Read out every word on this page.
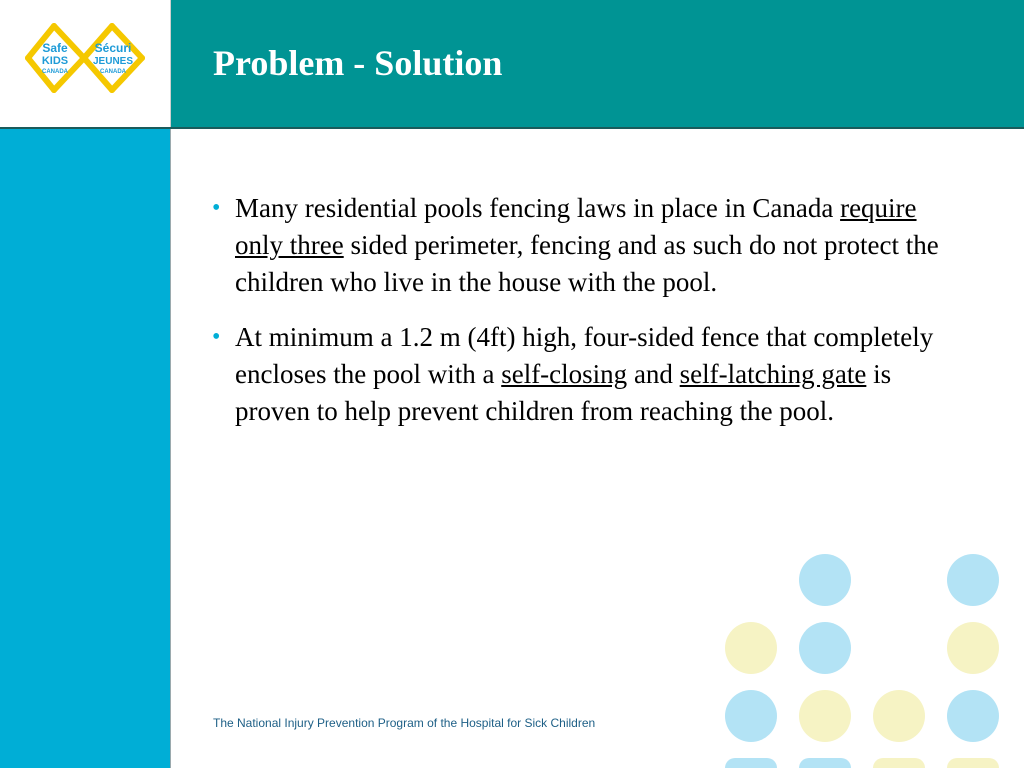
Safe
KIDS
CANADA
Sécuri
JEUNES
CANADA Problem - Solution
• Many residential pools fencing laws in place in Canada require only three sided perimeter, fencing and as such do not protect the children who live in the house with the pool.
• At minimum a 1.2 m (4ft) high, four-sided fence that completely encloses the pool with a self-closing and self-latching gate is proven to help prevent children from reaching the pool.
The National Injury Prevention Program of the Hospital for Sick Children
